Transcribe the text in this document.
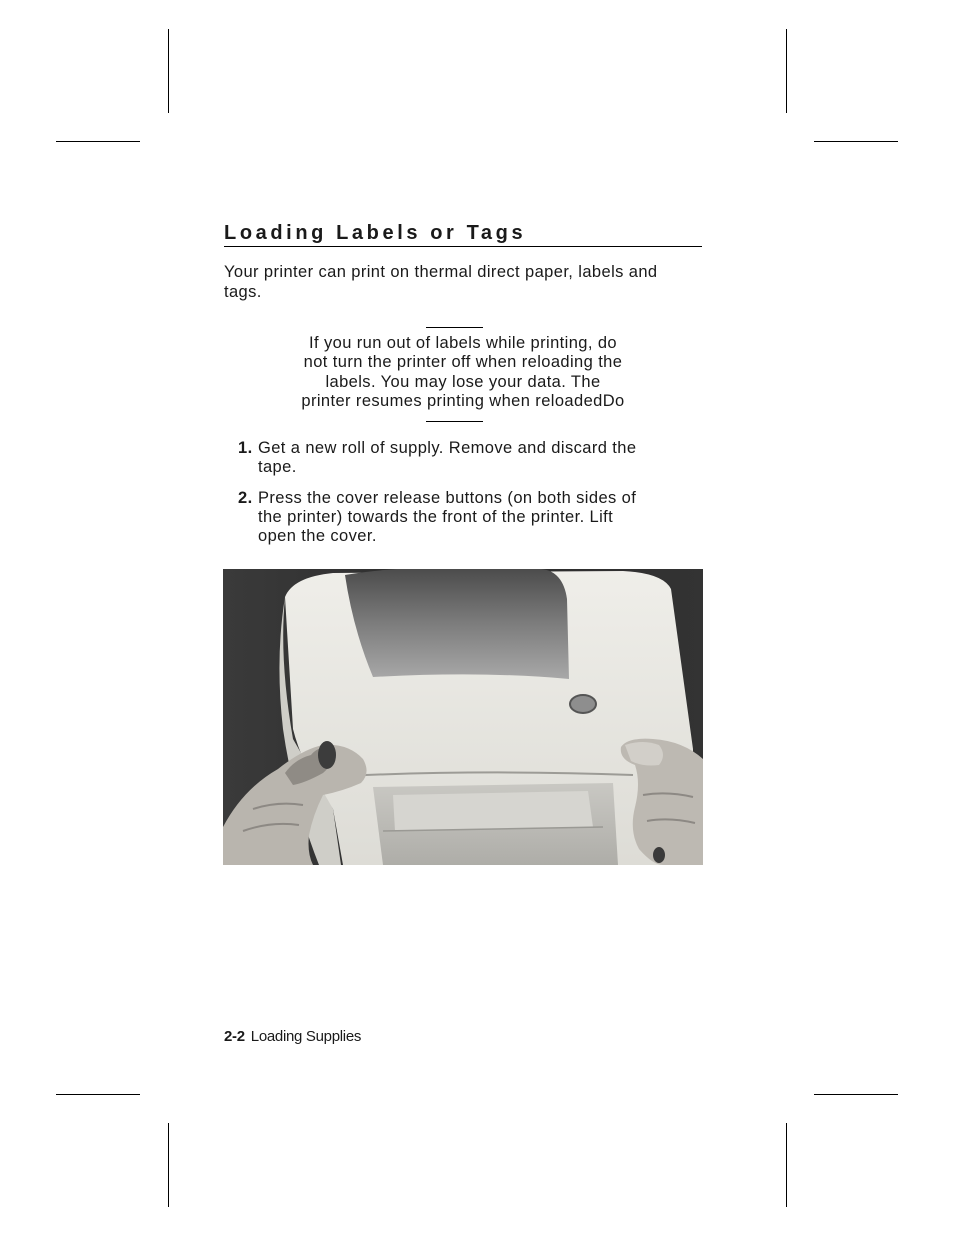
Loading Labels or Tags

Your printer can print on thermal direct paper, labels and tags.

If you run out of labels while printing, do
not turn the printer off when reloading the
labels. You may lose your data. The
printer resumes printing when reloadedDo

1. Get a new roll of supply. Remove and discard the
tape.
2. Press the cover release buttons (on both sides of
the printer) towards the front of the printer. Lift
open the cover.
2-2 Loading Supplies
